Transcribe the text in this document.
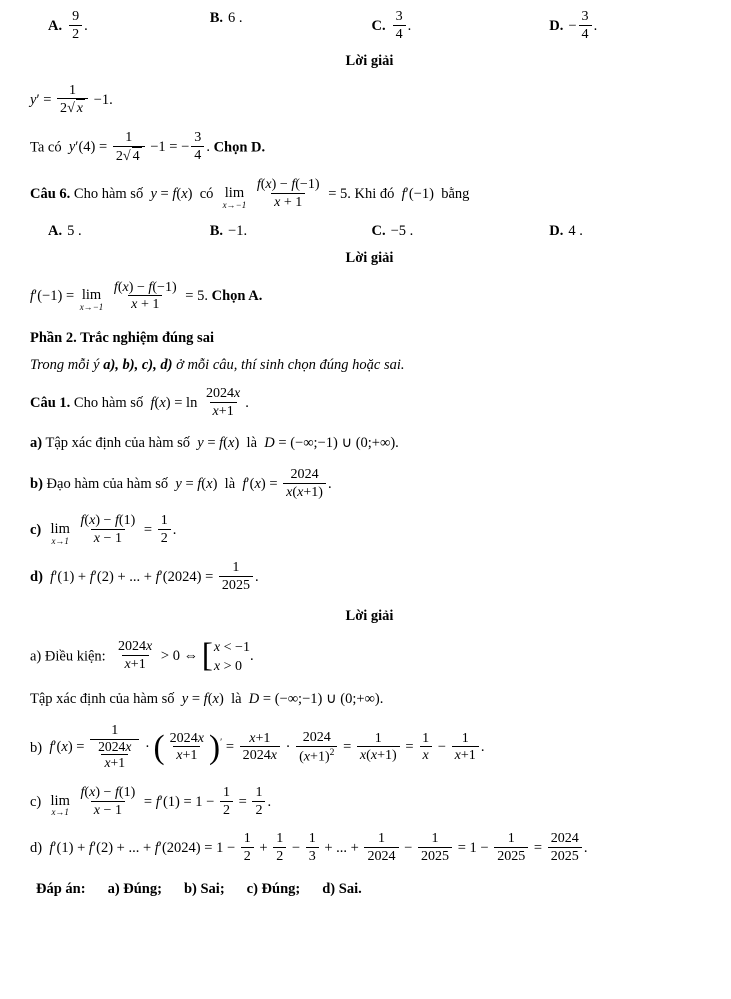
A. $\frac{9}{2}$ .	B. 6 .	C. $\frac{3}{4}$ .	D. − $\frac{3}{4}$ .
Lời giải
$y' = \frac{1}{2√ x} -1$.
Ta có $y'(4) = \frac{1}{2√ 4} -1$ = − $\frac{3}{4}$ . Chọn D.
Câu 6. Cho hàm số y = f(x) có lim
x→−1
$\frac{f(x) - f(-1)}{x + 1} = 5$. Khi đó f′(−1) bằng
A. 5 .	B. −1.	C. −5 .	D. 4 .
Lời giải
f′(−1) = lim
x→−1
$\frac{f(x) - f(-1)}{x + 1} = 5$. Chọn A.
Phần 2. Trắc nghiệm đúng sai
Trong mỗi ý a), b), c), d) ở mỗi câu, thí sinh chọn đúng hoặc sai.
Câu 1. Cho hàm số $f(x) = \ln \frac{2024x}{x+1}$ .
a) Tập xác định của hàm số y = f(x) là D = (−∞;−1) ∪ (0;+∞).
b) Đạo hàm của hàm số y = f(x) là $f'(x) = \frac{2024}{x(x+1)}$ .
c) lim
x→1
$\frac{f(x) - f(1)}{x - 1} = \frac{1}{2}$ .
d) f′(1) + f′(2) + ... + $f'(2024) = \frac{1}{2025}$ .
Lời giải
a) Điều kiện: $\frac{2024x}{x+1} > 0$ ⇔ [ x < −1
x > 0
.
Tập xác định của hàm số y = f(x) là D = (−∞;−1) ∪ (0;+∞).
b) $f'(x) = \frac{1}{\frac{2024x}{x+1}}$ · ( $\frac{2024x}{x+1}$ ) $' = \frac{x+1}{2024x} \cdot \frac{2024}{(x+1)^2} = \frac{1}{x(x+1)} = \frac{1}{x} - \frac{1}{x+1}$ .
c) lim
x→1
$\frac{f(x) - f(1)}{x - 1} = f'(1) = 1 - \frac{1}{2} = \frac{1}{2}$ .
d) f′(1) + f′(2) + ... + $f'(2024) = 1 - \frac{1}{2} + \frac{1}{2} - \frac{1}{3}$ + ... + $\frac{1}{2024} - \frac{1}{2025} = 1 - \frac{1}{2025} = \frac{2024}{2025}$ .
Đáp án: a) Đúng; b) Sai; c) Đúng; d) Sai.
